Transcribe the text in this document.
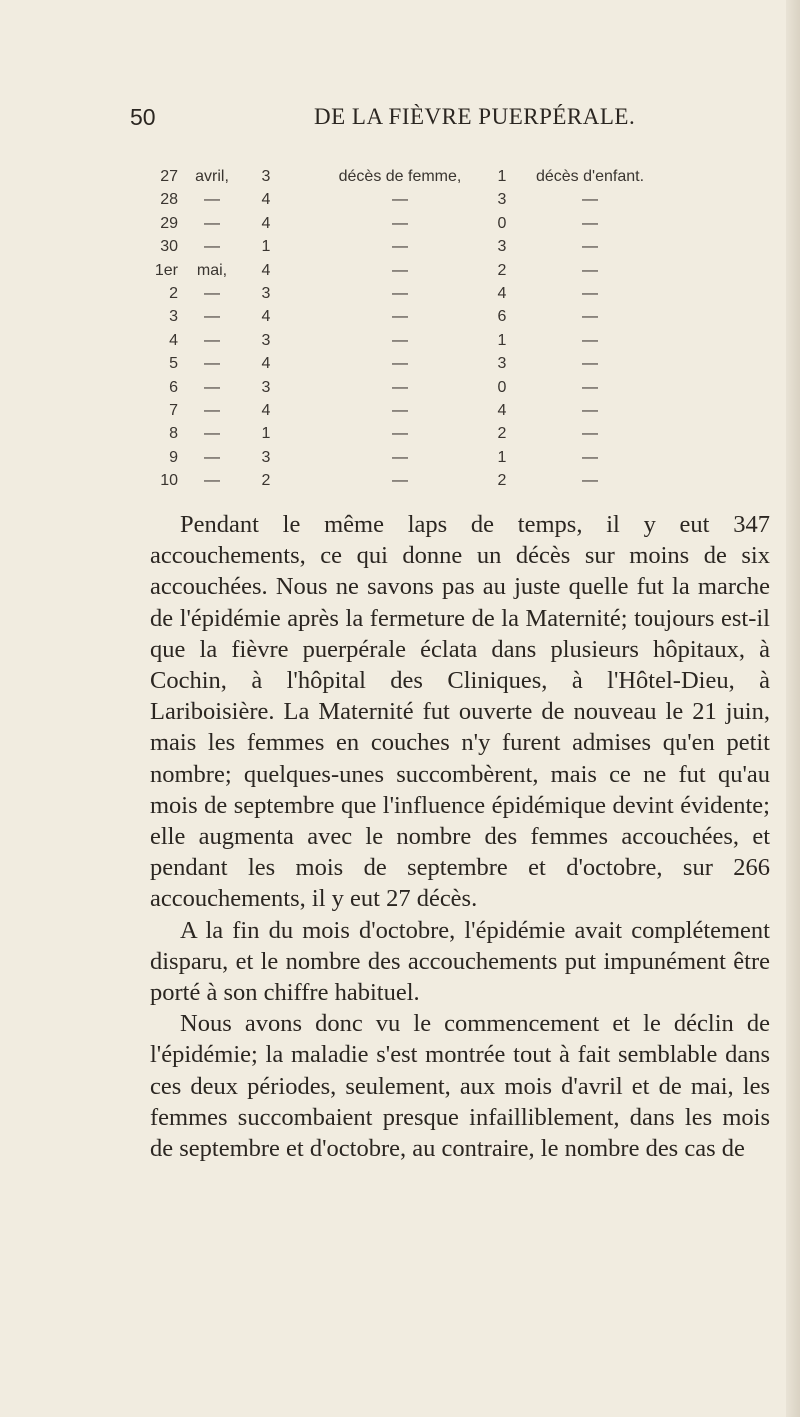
50	DE LA FIÈVRE PUERPÉRALE.
27	avril,	3	décès de femme,	1	décès d'enfant.
28	—	4	—	3	—
29	—	4	—	0	—
30	—	1	—	3	—
1er	mai,	4	—	2	—
2	—	3	—	4	—
3	—	4	—	6	—
4	—	3	—	1	—
5	—	4	—	3	—
6	—	3	—	0	—
7	—	4	—	4	—
8	—	1	—	2	—
9	—	3	—	1	—
10	—	2	—	2	—

Pendant le même laps de temps, il y eut 347 accouchements, ce qui donne un décès sur moins de six accouchées. Nous ne savons pas au juste quelle fut la marche de l'épidémie après la fermeture de la Maternité; toujours est-il que la fièvre puerpérale éclata dans plusieurs hôpitaux, à Cochin, à l'hôpital des Cliniques, à l'Hôtel-Dieu, à Lariboisière. La Maternité fut ouverte de nouveau le 21 juin, mais les femmes en couches n'y furent admises qu'en petit nombre; quelques-unes succombèrent, mais ce ne fut qu'au mois de septembre que l'influence épidémique devint évidente; elle augmenta avec le nombre des femmes accouchées, et pendant les mois de septembre et d'octobre, sur 266 accouchements, il y eut 27 décès.

A la fin du mois d'octobre, l'épidémie avait complétement disparu, et le nombre des accouchements put impunément être porté à son chiffre habituel.

Nous avons donc vu le commencement et le déclin de l'épidémie; la maladie s'est montrée tout à fait semblable dans ces deux périodes, seulement, aux mois d'avril et de mai, les femmes succombaient presque infailliblement, dans les mois de septembre et d'octobre, au contraire, le nombre des cas de
